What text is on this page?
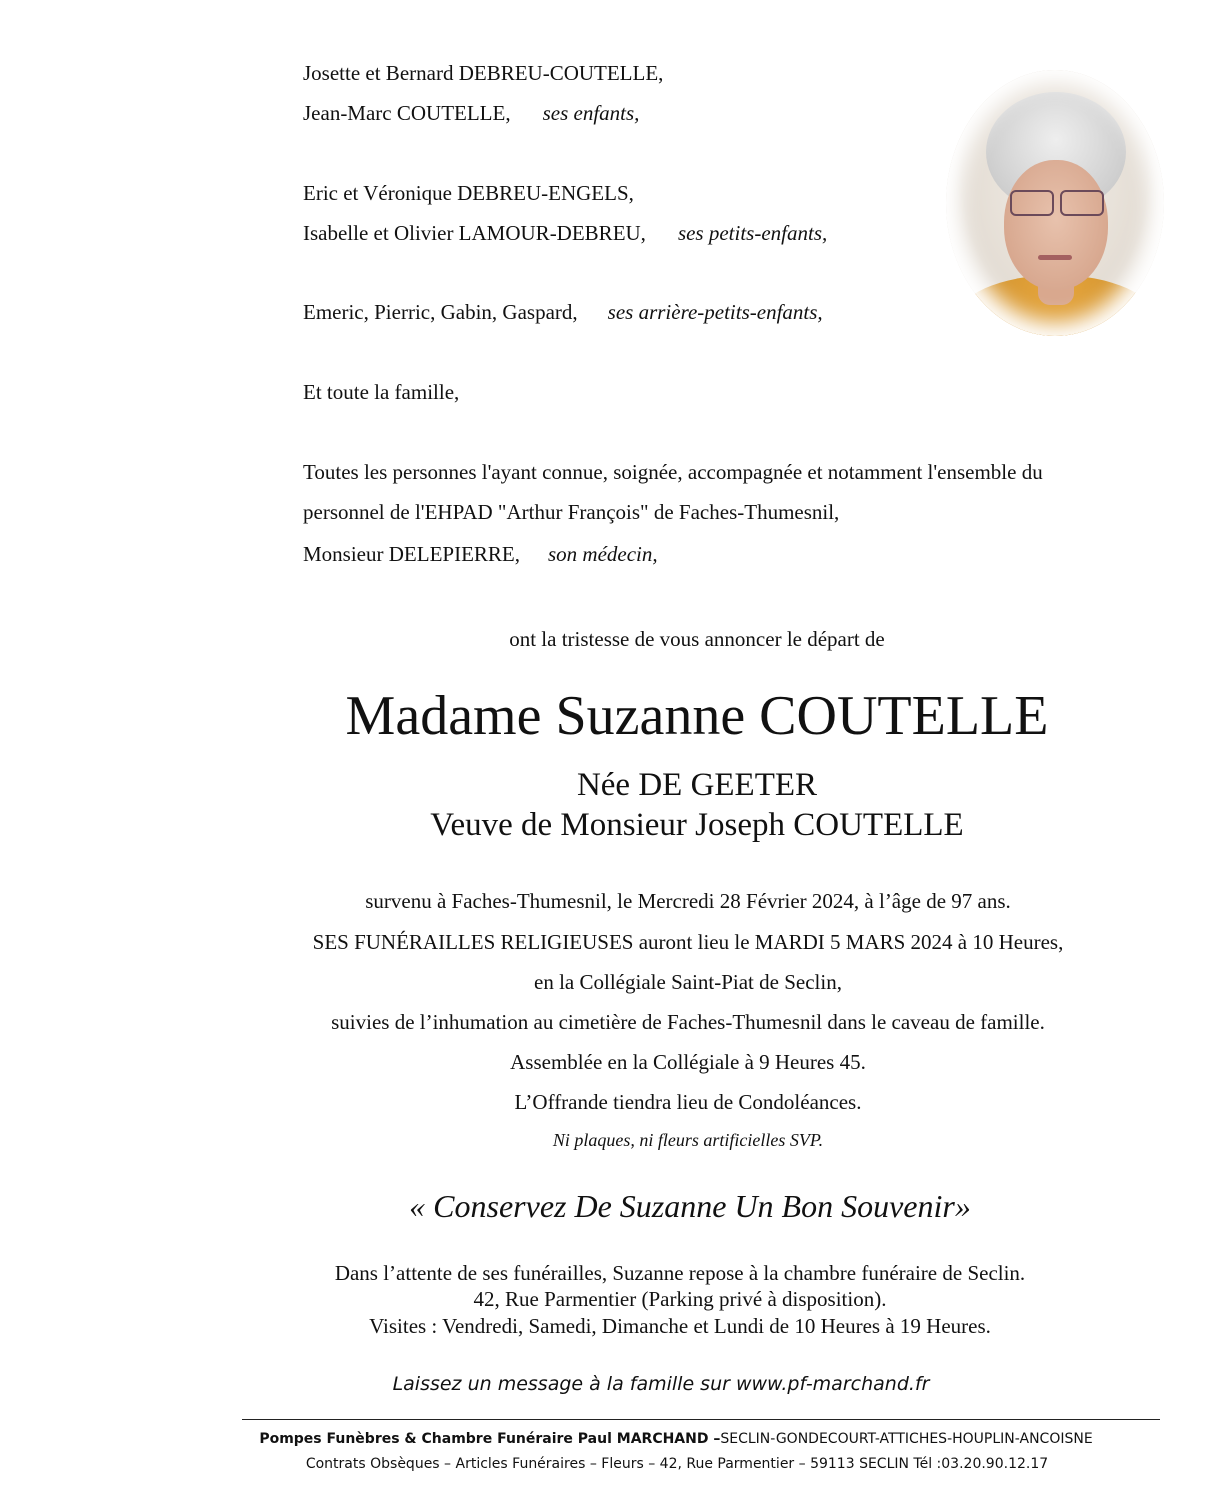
Josette et Bernard DEBREU-COUTELLE,
Jean-Marc COUTELLE, ses enfants,
Eric et Véronique DEBREU-ENGELS,
Isabelle et Olivier LAMOUR-DEBREU, ses petits-enfants,
Emeric, Pierric, Gabin, Gaspard, ses arrière-petits-enfants,
Et toute la famille,
Toutes les personnes l'ayant connue, soignée, accompagnée et notamment l'ensemble du
personnel de l'EHPAD "Arthur François" de Faches-Thumesnil,
Monsieur DELEPIERRE, son médecin,
ont la tristesse de vous annoncer le départ de
Madame Suzanne COUTELLE
Née DE GEETER
Veuve de Monsieur Joseph COUTELLE
survenu à Faches-Thumesnil, le Mercredi 28 Février 2024, à l’âge de 97 ans.
SES FUNÉRAILLES RELIGIEUSES auront lieu le MARDI 5 MARS 2024 à 10 Heures,
en la Collégiale Saint-Piat de Seclin,
suivies de l’inhumation au cimetière de Faches-Thumesnil dans le caveau de famille.
Assemblée en la Collégiale à 9 Heures 45.
L’Offrande tiendra lieu de Condoléances.
Ni plaques, ni fleurs artificielles SVP.
« Conservez De Suzanne Un Bon Souvenir»
Dans l’attente de ses funérailles, Suzanne repose à la chambre funéraire de Seclin.
42, Rue Parmentier (Parking privé à disposition).
Visites : Vendredi, Samedi, Dimanche et Lundi de 10 Heures à 19 Heures.
Laissez un message à la famille sur www.pf-marchand.fr
Pompes Funèbres & Chambre Funéraire Paul MARCHAND –SECLIN-GONDECOURT-ATTICHES-HOUPLIN-ANCOISNE
Contrats Obsèques – Articles Funéraires – Fleurs – 42, Rue Parmentier – 59113 SECLIN Tél :03.20.90.12.17
